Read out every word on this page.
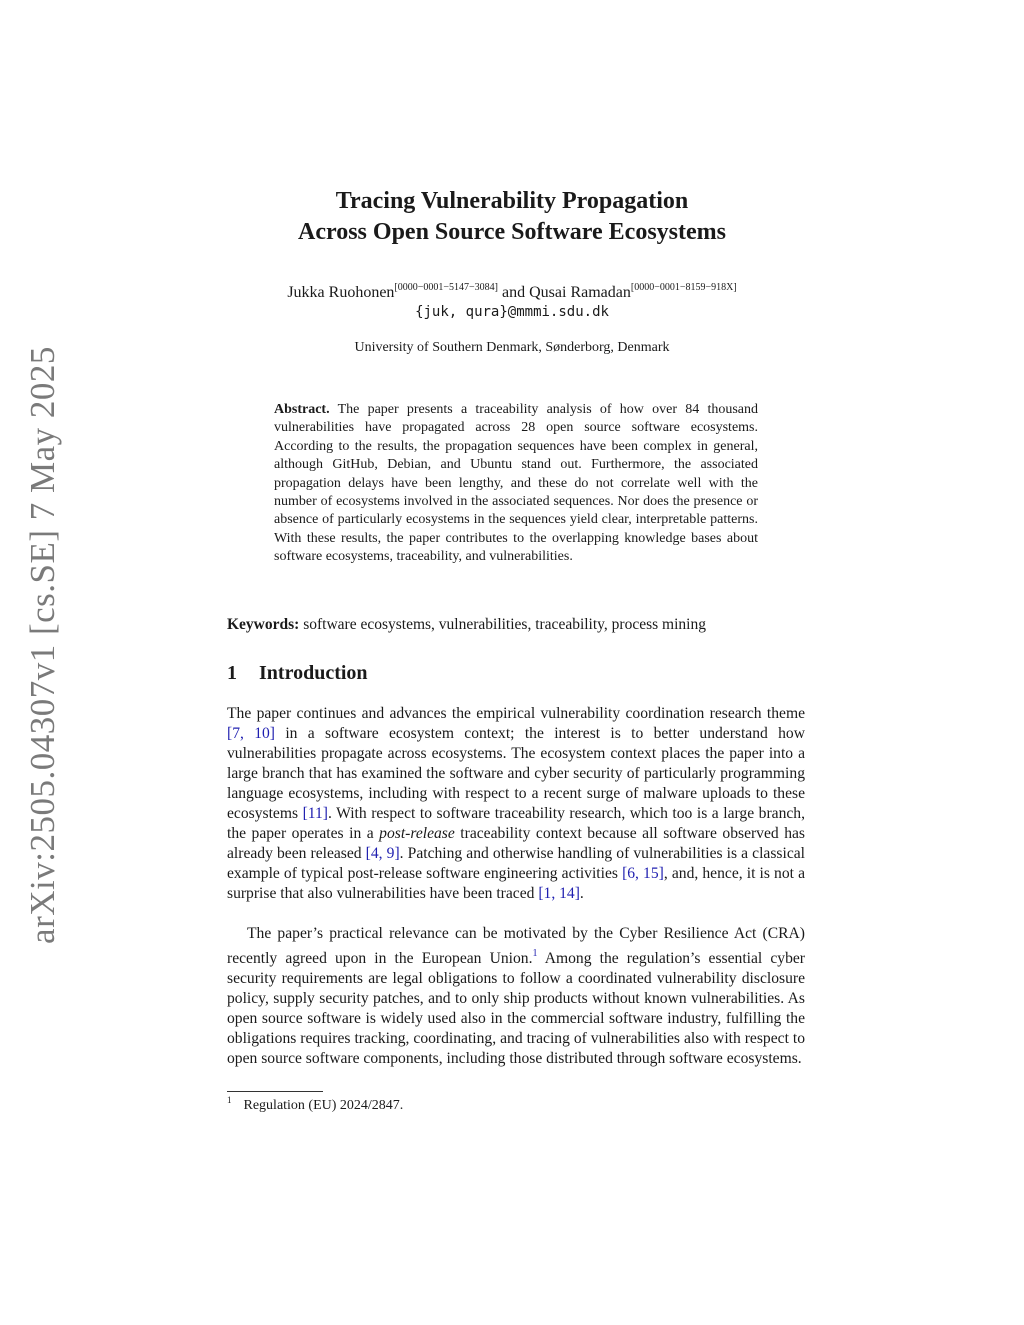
arXiv:2505.04307v1 [cs.SE] 7 May 2025
Tracing Vulnerability Propagation
Across Open Source Software Ecosystems
Jukka Ruohonen[0000−0001−5147−3084] and Qusai Ramadan[0000−0001−8159−918X]
{juk, qura}@mmmi.sdu.dk
University of Southern Denmark, Sønderborg, Denmark
Abstract. The paper presents a traceability analysis of how over 84 thousand vulnerabilities have propagated across 28 open source software ecosystems. According to the results, the propagation sequences have been complex in general, although GitHub, Debian, and Ubuntu stand out. Furthermore, the associated propagation delays have been lengthy, and these do not correlate well with the number of ecosystems involved in the associated sequences. Nor does the presence or absence of particularly ecosystems in the sequences yield clear, interpretable patterns. With these results, the paper contributes to the overlapping knowledge bases about software ecosystems, traceability, and vulnerabilities.
Keywords: software ecosystems, vulnerabilities, traceability, process mining
1 Introduction

The paper continues and advances the empirical vulnerability coordination research theme [7, 10] in a software ecosystem context; the interest is to better understand how vulnerabilities propagate across ecosystems. The ecosystem context places the paper into a large branch that has examined the software and cyber security of particularly programming language ecosystems, including with respect to a recent surge of malware uploads to these ecosystems [11]. With respect to software traceability research, which too is a large branch, the paper operates in a post-release traceability context because all software observed has already been released [4, 9]. Patching and otherwise handling of vulnerabilities is a classical example of typical post-release software engineering activities [6, 15], and, hence, it is not a surprise that also vulnerabilities have been traced [1, 14].

The paper’s practical relevance can be motivated by the Cyber Resilience Act (CRA) recently agreed upon in the European Union.$^1$ Among the regulation’s essential cyber security requirements are legal obligations to follow a coordinated vulnerability disclosure policy, supply security patches, and to only ship products without known vulnerabilities. As open source software is widely used also in the commercial software industry, fulfilling the obligations requires tracking, coordinating, and tracing of vulnerabilities also with respect to open source software components, including those distributed through software ecosystems.

$^1$ Regulation (EU) 2024/2847.
